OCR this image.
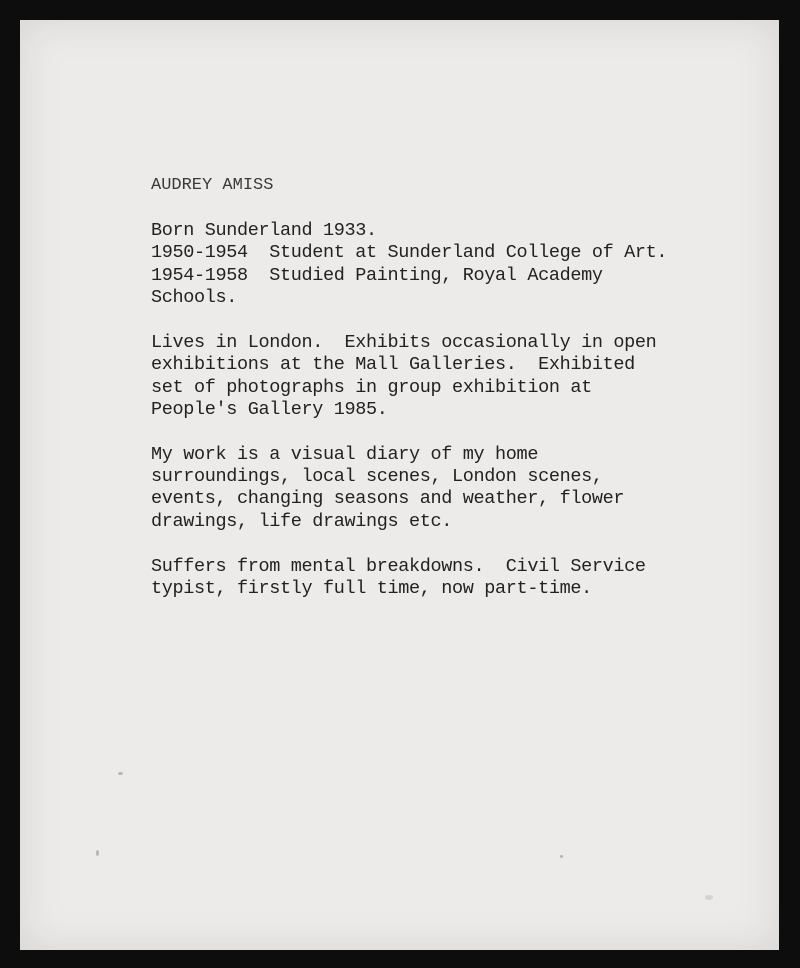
AUDREY AMISS
Born Sunderland 1933.
1950-1954  Student at Sunderland College of Art.
1954-1958  Studied Painting, Royal Academy
Schools.
Lives in London.  Exhibits occasionally in open
exhibitions at the Mall Galleries.  Exhibited
set of photographs in group exhibition at
People's Gallery 1985.
My work is a visual diary of my home
surroundings, local scenes, London scenes,
events, changing seasons and weather, flower
drawings, life drawings etc.
Suffers from mental breakdowns.  Civil Service
typist, firstly full time, now part-time.
